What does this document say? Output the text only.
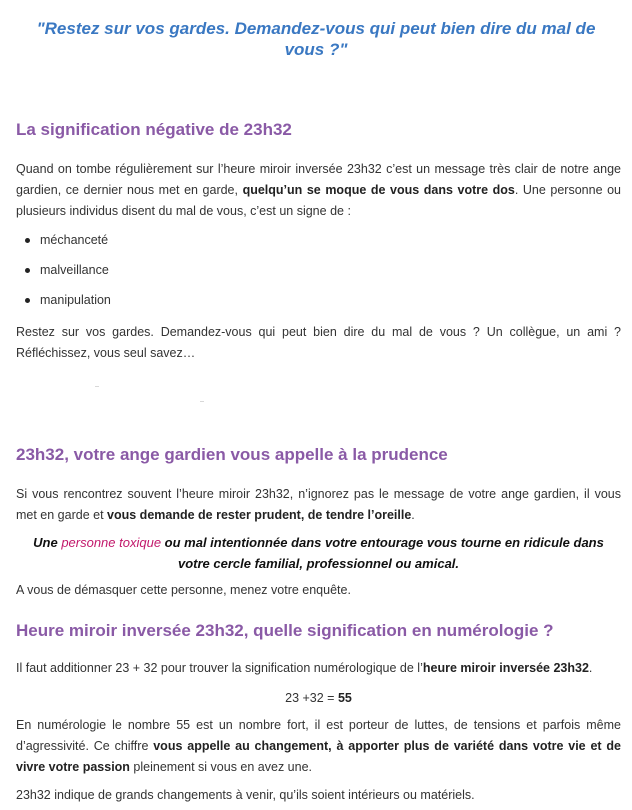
"Restez sur vos gardes. Demandez-vous qui peut bien dire du mal de vous ?"
La signification négative de 23h32

Quand on tombe régulièrement sur l’heure miroir inversée 23h32 c’est un message très clair de notre ange gardien, ce dernier nous met en garde, quelqu’un se moque de vous dans votre dos. Une personne ou plusieurs individus disent du mal de vous, c’est un signe de :

méchanceté
malveillance
manipulation

Restez sur vos gardes. Demandez-vous qui peut bien dire du mal de vous ? Un collègue, un ami ? Réfléchissez, vous seul savez…

23h32, votre ange gardien vous appelle à la prudence

Si vous rencontrez souvent l’heure miroir 23h32, n’ignorez pas le message de votre ange gardien, il vous met en garde et vous demande de rester prudent, de tendre l’oreille.

Une personne toxique ou mal intentionnée dans votre entourage vous tourne en ridicule dans votre cercle familial, professionnel ou amical.

A vous de démasquer cette personne, menez votre enquête.

Heure miroir inversée 23h32, quelle signification en numérologie ?

Il faut additionner 23 + 32 pour trouver la signification numérologique de l’heure miroir inversée 23h32.

23 +32 = 55

En numérologie le nombre 55 est un nombre fort, il est porteur de luttes, de tensions et parfois même d’agressivité. Ce chiffre vous appelle au changement, à apporter plus de variété dans votre vie et de vivre votre passion pleinement si vous en avez une.

23h32 indique de grands changements à venir, qu’ils soient intérieurs ou matériels.
